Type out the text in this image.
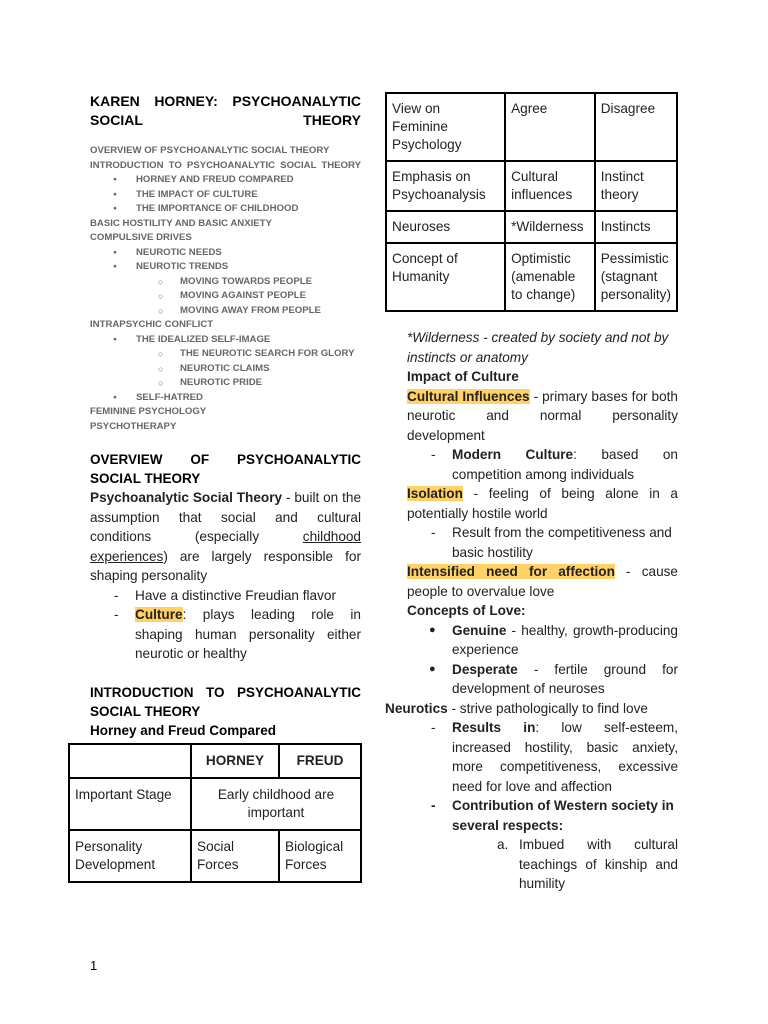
KAREN HORNEY: PSYCHOANALYTIC SOCIAL THEORY
OVERVIEW OF PSYCHOANALYTIC SOCIAL THEORY
INTRODUCTION TO PSYCHOANALYTIC SOCIAL THEORY
● HORNEY AND FREUD COMPARED
● THE IMPACT OF CULTURE
● THE IMPORTANCE OF CHILDHOOD
BASIC HOSTILITY AND BASIC ANXIETY
COMPULSIVE DRIVES
● NEUROTIC NEEDS
● NEUROTIC TRENDS
○ MOVING TOWARDS PEOPLE
○ MOVING AGAINST PEOPLE
○ MOVING AWAY FROM PEOPLE
INTRAPSYCHIC CONFLICT
● THE IDEALIZED SELF-IMAGE
○ THE NEUROTIC SEARCH FOR GLORY
○ NEUROTIC CLAIMS
○ NEUROTIC PRIDE
● SELF-HATRED
FEMININE PSYCHOLOGY
PSYCHOTHERAPY
OVERVIEW OF PSYCHOANALYTIC SOCIAL THEORY
Psychoanalytic Social Theory - built on the assumption that social and cultural conditions (especially childhood experiences) are largely responsible for shaping personality
- Have a distinctive Freudian flavor
- Culture: plays leading role in shaping human personality either neurotic or healthy
INTRODUCTION TO PSYCHOANALYTIC SOCIAL THEORY
Horney and Freud Compared
	HORNEY	FREUD
Important Stage	Early childhood are important	
Personality Development	Social Forces	Biological Forces
1
View on Feminine Psychology	Agree	Disagree
Emphasis on Psychoanalysis	Cultural influences	Instinct theory
Neuroses	*Wilderness	Instincts
Concept of Humanity	Optimistic (amenable to change)	Pessimistic (stagnant personality)
*Wilderness - created by society and not by instincts or anatomy
Impact of Culture
Cultural Influences - primary bases for both neurotic and normal personality development
- Modern Culture: based on competition among individuals
Isolation - feeling of being alone in a potentially hostile world
- Result from the competitiveness and basic hostility
Intensified need for affection - cause people to overvalue love
Concepts of Love:
● Genuine - healthy, growth-producing experience
● Desperate - fertile ground for development of neuroses
Neurotics - strive pathologically to find love
- Results in: low self-esteem, increased hostility, basic anxiety, more competitiveness, excessive need for love and affection
- Contribution of Western society in several respects:
a. Imbued with cultural teachings of kinship and humility
